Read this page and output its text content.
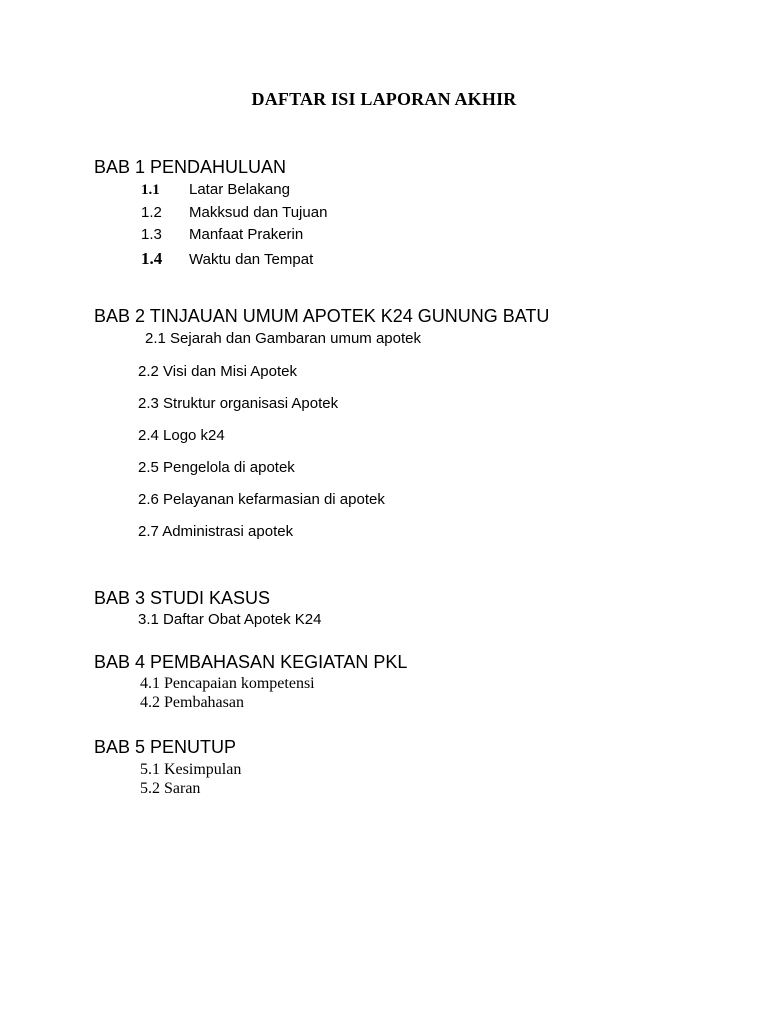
DAFTAR ISI LAPORAN AKHIR
BAB 1 PENDAHULUAN
1.1 Latar Belakang
1.2 Makksud dan Tujuan
1.3 Manfaat Prakerin
1.4 Waktu dan Tempat
BAB 2 TINJAUAN UMUM APOTEK K24 GUNUNG BATU
2.1 Sejarah dan Gambaran umum apotek
2.2 Visi dan Misi Apotek
2.3 Struktur organisasi Apotek
2.4 Logo k24
2.5 Pengelola di apotek
2.6 Pelayanan kefarmasian di apotek
2.7 Administrasi apotek
BAB 3 STUDI KASUS
3.1 Daftar Obat Apotek K24
BAB 4 PEMBAHASAN KEGIATAN PKL
4.1 Pencapaian kompetensi
4.2 Pembahasan
BAB 5 PENUTUP
5.1 Kesimpulan
5.2 Saran
